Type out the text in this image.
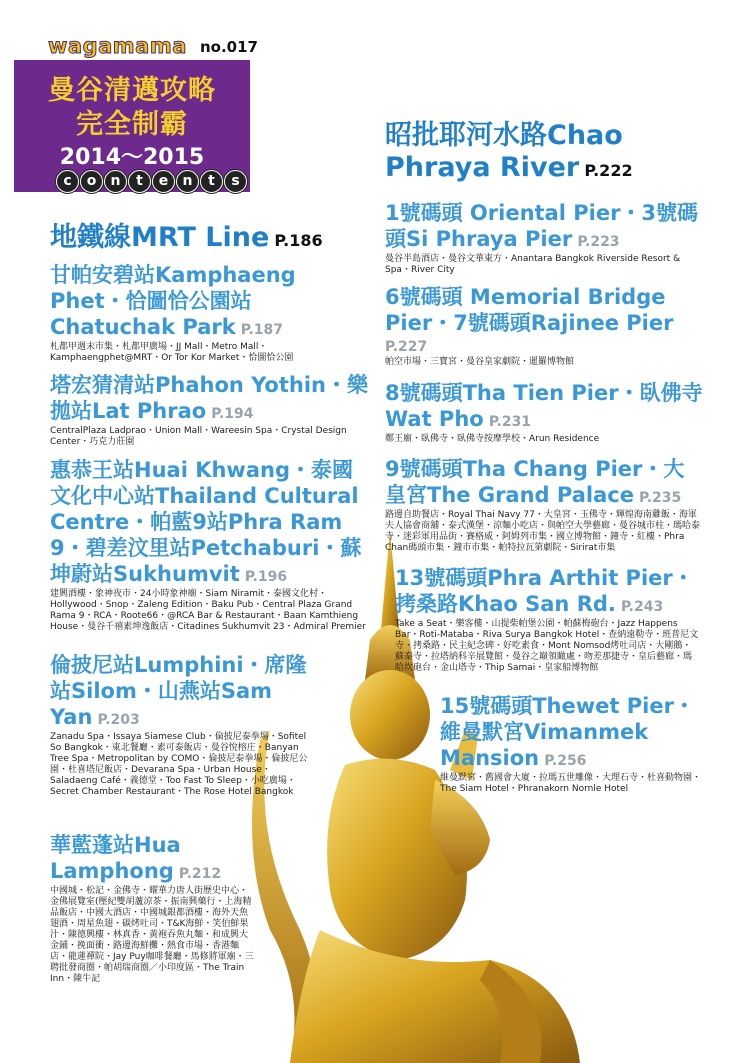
wagamama no.017
曼谷清邁攻略
完全制霸
2014～2015
c	o	n	t	e	n	t	s
地鐵線MRT Line P.186
甘帕安碧站Kamphaeng Phet・恰圖恰公園站 Chatuchak Park P.187
札都甲週末市集・札都甲廣場・JJ Mall・Metro Mall・Kamphaengphet@MRT・Or Tor Kor Market・恰圖恰公園
塔宏猜清站Phahon Yothin・樂拋站Lat Phrao P.194
CentralPlaza Ladprao・Union Mall・Wareesin Spa・Crystal Design Center・巧克力莊園
惠恭王站Huai Khwang・泰國文化中心站Thailand Cultural Centre・帕藍9站Phra Ram 9・碧差汶里站Petchaburi・蘇坤蔚站Sukhumvit P.196
建興酒樓・象神夜市・24小時象神廟・Siam Niramit・泰國文化村・Hollywood・Snop・Zaleng Edition・Baku Pub・Central Plaza Grand Rama 9・RCA・Roote66・@RCA Bar & Restaurant・Baan Kamthieng House・曼谷千禧素坤逸飯店・Citadines Sukhumvit 23・Admiral Premier
倫披尼站Lumphini・席隆站Silom・山燕站Sam Yan P.203
Zanadu Spa・Issaya Siamese Club・倫披尼泰拳場・Sofitel So Bangkok・東北餐廳・素可泰飯店・曼谷悅榕庄・Banyan Tree Spa・Metropolitan by COMO・倫披尼泰拳場・倫披尼公園・杜喜塔尼飯店・Devarana Spa・Urban House・Saladaeng Café・義德堂・Too Fast To Sleep・小吃廣場・Secret Chamber Restaurant・The Rose Hotel Bangkok
華藍蓬站Hua Lamphong P.212
中國城・松記・金佛寺・耀華力唐人街歷史中心・金佛展覽室(壓紀雙胡蘆涼茶・振南興藥行・上海精品飯店・中國大酒店・中國城銀都酒樓・海外天魚翅酒・周星魚翅・碳烤吐司・T&K海鮮・笑伯鮮果汁・陳德興樓・林真香・黃袍吞魚丸麵・和成興大金鋪・挽面衝・路邊海鮮攤・熱食市場・香港麵店・龍蓮禪院・Jay Puy咖啡餐廳・馬修將軍廟・三聘批發商圈・帕胡瑞商圈／小印度區・The Train Inn・陳牛記
昭批耶河水路Chao Phraya River P.222
1號碼頭 Oriental Pier・3號碼頭Si Phraya Pier P.223
曼谷半島酒店・曼谷文華東方・Anantara Bangkok Riverside Resort & Spa・River City
6號碼頭 Memorial Bridge Pier・7號碼頭Rajinee Pier P.227
帕空市場・三寶宮・曼谷皇家劇院・暹羅博物館
8號碼頭Tha Tien Pier・臥佛寺Wat Pho P.231
鄭王廟・臥佛寺・臥佛寺按摩學校・Arun Residence
9號碼頭Tha Chang Pier・大皇宮The Grand Palace P.235
路邊自助餐店・Royal Thai Navy 77・大皇宮・玉佛寺・輝煌海南雞飯・海軍夫人協會商舖・泰式漢堡・涼麵小吃店・與帕空大學藝廊・曼谷城市柱・瑪哈泰寺・迷彩軍用品街・賽格威・阿姆列市集・國立博物館・鐘寺・紅樓・Phra Chan碼頭市集・鐘市市集・帕特拉瓦第劇院・Sirirat市集
13號碼頭Phra Arthit Pier・拷桑路Khao San Rd. P.243
Take a Seat・樂客樓・山提柴帕堡公園・帕蘇梅砲台・Jazz Happens Bar・Roti-Mataba・Riva Surya Bangkok Hotel・查納遠勒寺・班普尼文寺・拷桑路・民主紀念碑・好吃素食・Mont Nomsod烤吐司店・大剛鵝・蘇泰寺・拉塔納科辛展覽館・曼谷之巔領瞰處・吻差那捷寺・皇后藝廊・瑪哈坎砲台・金山塔寺・Thip Samai・皇家船博物館
15號碼頭Thewet Pier・維曼默宮Vimanmek Mansion P.256
維曼默宮・舊國會大廈・拉瑪五世雕像・大理石寺・杜喜動物園・The Siam Hotel・Phranakorn Nornle Hotel
